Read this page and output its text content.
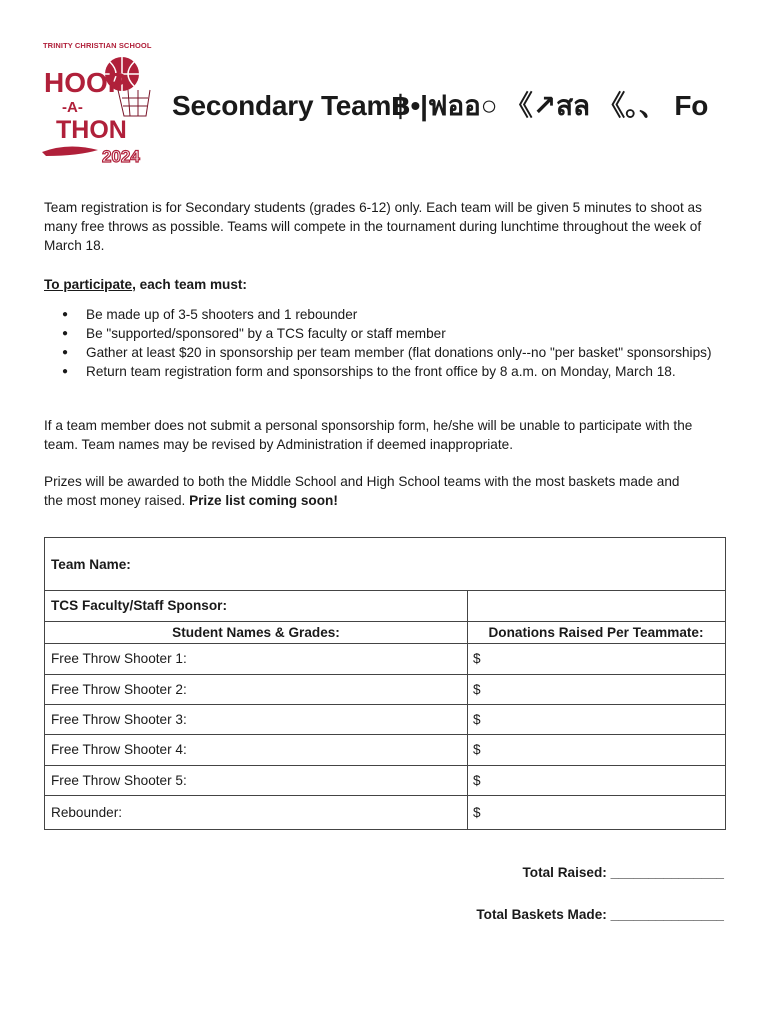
TRINITY CHRISTIAN SCHOOL
HOOP
-A-
THON
2024
Secondary Team฿•|ฟออ○ 《↗สล 《。、 Fo
Team registration is for Secondary students (grades 6-12) only. Each team will be given 5 minutes to shoot as
many free throws as possible. Teams will compete in the tournament during lunchtime throughout the week of
March 18.
To participate, each team must:
● Be made up of 3-5 shooters and 1 rebounder
● Be "supported/sponsored" by a TCS faculty or staff member
● Gather at least $20 in sponsorship per team member (flat donations only--no "per basket" sponsorships)
● Return team registration form and sponsorships to the front office by 8 a.m. on Monday, March 18.
If a team member does not submit a personal sponsorship form, he/she will be unable to participate with the
team. Team names may be revised by Administration if deemed inappropriate.
Prizes will be awarded to both the Middle School and High School teams with the most baskets made and
the most money raised. Prize list coming soon!
Team Name:
TCS Faculty/Staff Sponsor:
Student Names & Grades:	Donations Raised Per Teammate:
Free Throw Shooter 1:	$
Free Throw Shooter 2:	$
Free Throw Shooter 3:	$
Free Throw Shooter 4:	$
Free Throw Shooter 5:	$
Rebounder:	$
Total Raised: _______________
Total Baskets Made: _______________
